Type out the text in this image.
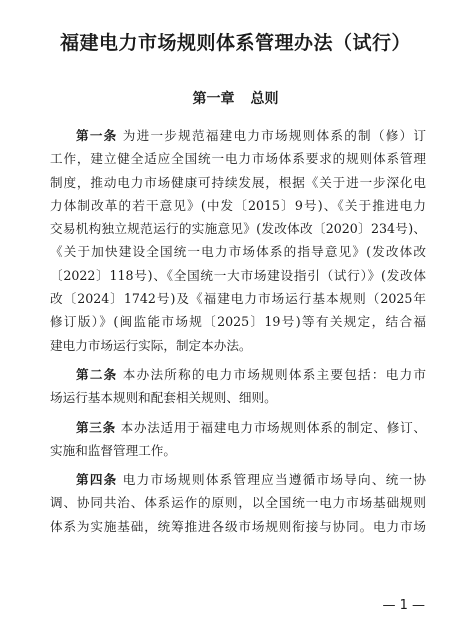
福建电力市场规则体系管理办法（试行）
第一章 总则
第一条 为进一步规范福建电力市场规则体系的制（修）订
工作，建立健全适应全国统一电力市场体系要求的规则体系管理
制度，推动电力市场健康可持续发展，根据《关于进一步深化电
力体制改革的若干意见》(中发〔2015〕9号)、《关于推进电力
交易机构独立规范运行的实施意见》(发改体改〔2020〕234号)、
《关于加快建设全国统一电力市场体系的指导意见》(发改体改
〔2022〕118号)、《全国统一大市场建设指引（试行）》(发改体
改〔2024〕1742号)及《福建电力市场运行基本规则（2025年
修订版）》(闽监能市场规〔2025〕19号)等有关规定，结合福
建电力市场运行实际，制定本办法。
第二条 本办法所称的电力市场规则体系主要包括：电力市
场运行基本规则和配套相关规则、细则。
第三条 本办法适用于福建电力市场规则体系的制定、修订、
实施和监督管理工作。
第四条 电力市场规则体系管理应当遵循市场导向、统一协
调、协同共治、体系运作的原则，以全国统一电力市场基础规则
体系为实施基础，统筹推进各级市场规则衔接与协同。电力市场
— 1 —
